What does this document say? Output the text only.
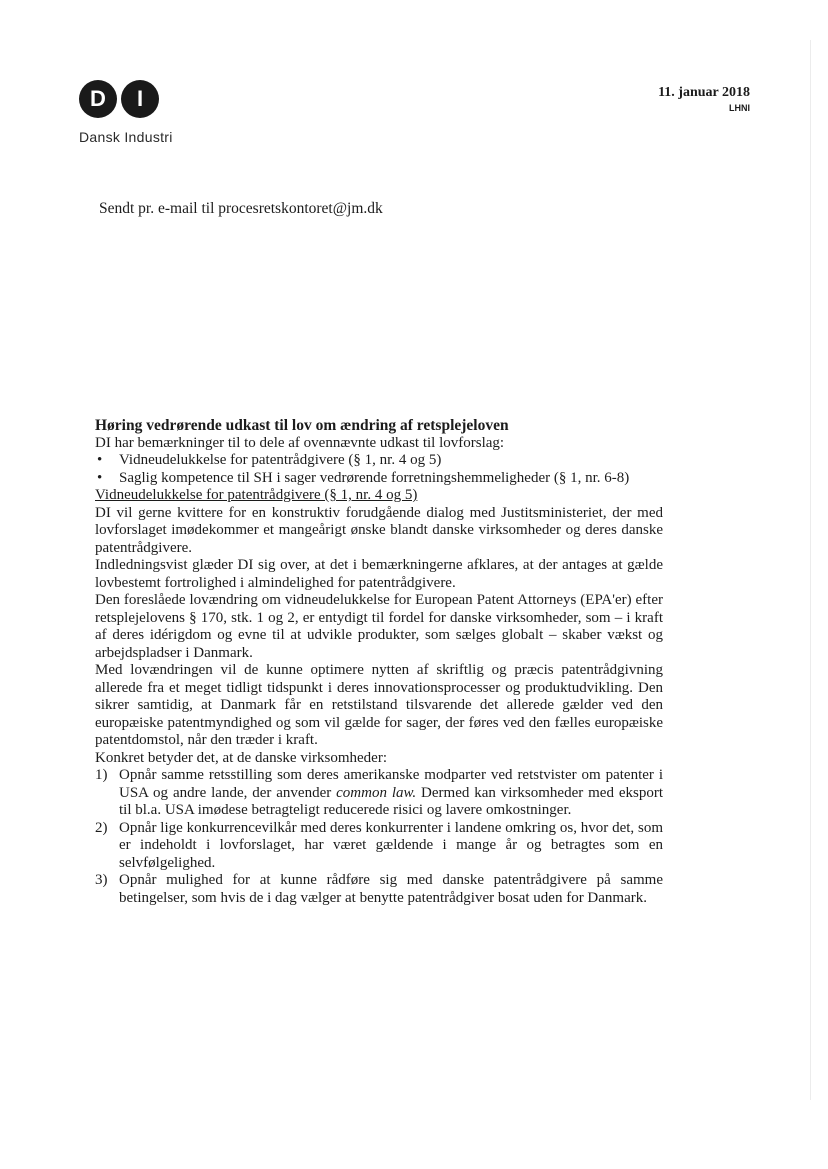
D	I
Dansk Industri
11. januar 2018
LHNI
Sendt pr. e-mail til procesretskontoret@jm.dk

Høring vedrørende udkast til lov om ændring af retsplejeloven

DI har bemærkninger til to dele af ovennævnte udkast til lovforslag:

• Vidneudelukkelse for patentrådgivere (§ 1, nr. 4 og 5)
• Saglig kompetence til SH i sager vedrørende forretningshemmeligheder (§ 1, nr. 6-8)

Vidneudelukkelse for patentrådgivere (§ 1, nr. 4 og 5)

DI vil gerne kvittere for en konstruktiv forudgående dialog med Justitsministeriet, der med lovforslaget imødekommer et mangeårigt ønske blandt danske virksomheder og deres danske patentrådgivere.

Indledningsvist glæder DI sig over, at det i bemærkningerne afklares, at der antages at gælde lovbestemt fortrolighed i almindelighed for patentrådgivere.

Den foreslåede lovændring om vidneudelukkelse for European Patent Attorneys (EPA'er) efter retsplejelovens § 170, stk. 1 og 2, er entydigt til fordel for danske virksomheder, som – i kraft af deres idérigdom og evne til at udvikle produkter, som sælges globalt – skaber vækst og arbejdspladser i Danmark.

Med lovændringen vil de kunne optimere nytten af skriftlig og præcis patentrådgivning allerede fra et meget tidligt tidspunkt i deres innovationsprocesser og produktudvikling. Den sikrer samtidig, at Danmark får en retstilstand tilsvarende det allerede gælder ved den europæiske patentmyndighed og som vil gælde for sager, der føres ved den fælles europæiske patentdomstol, når den træder i kraft.

Konkret betyder det, at de danske virksomheder:

1) Opnår samme retsstilling som deres amerikanske modparter ved retstvister om patenter i USA og andre lande, der anvender common law. Dermed kan virksomheder med eksport til bl.a. USA imødese betragteligt reducerede risici og lavere omkostninger.
2) Opnår lige konkurrencevilkår med deres konkurrenter i landene omkring os, hvor det, som er indeholdt i lovforslaget, har været gældende i mange år og betragtes som en selvfølgelighed.
3) Opnår mulighed for at kunne rådføre sig med danske patentrådgivere på samme betingelser, som hvis de i dag vælger at benytte patentrådgiver bosat uden for Danmark.
